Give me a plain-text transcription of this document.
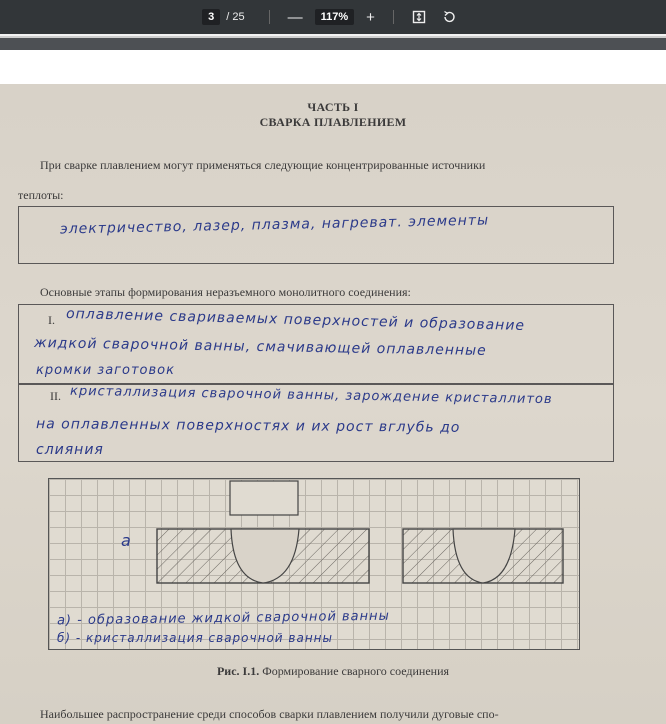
3	/ 25	—	117%	+
ЧАСТЬ I
СВАРКА ПЛАВЛЕНИЕМ
При сварке плавлением могут применяться следующие концентрированные источники
теплоты:
электричество, лазер, плазма, нагреват. элементы
Основные этапы формирования неразъемного монолитного соединения:
I. оплавление свариваемых поверхностей и образование
жидкой сварочной ванны, смачивающей оплавленные
кромки заготовок
II. кристаллизация сварочной ванны, зарождение кристаллитов
на оплавленных поверхностях и их рост вглубь до
слияния
а
а) - образование жидкой сварочной ванны
б) - кристаллизация сварочной ванны
Рис. I.1. Формирование сварного соединения
Наибольшее распространение среди способов сварки плавлением получили дуговые спо-
